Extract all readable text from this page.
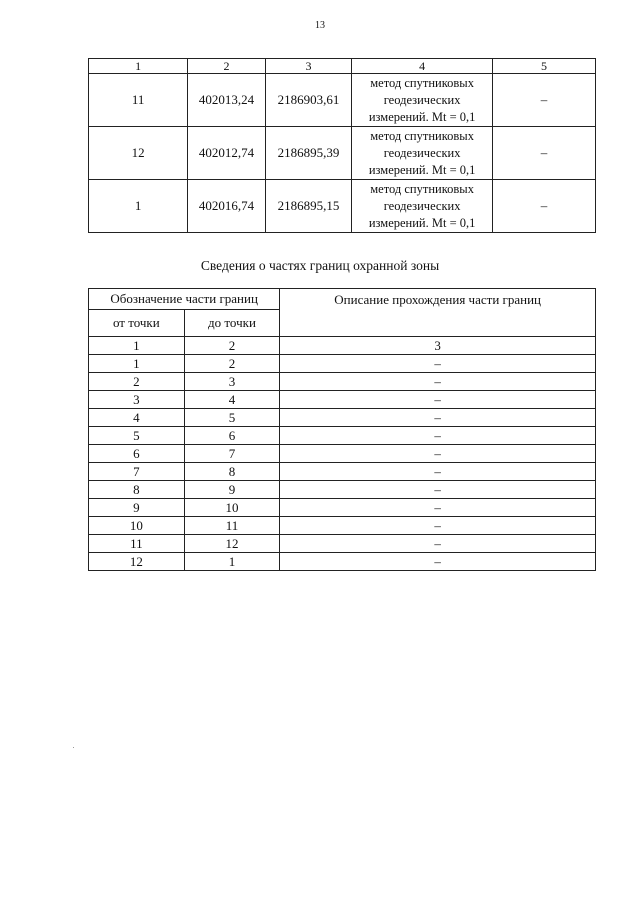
13
1	2	3	4	5
11	402013,24	2186903,61	метод спутниковых
геодезических
измерений. Mt = 0,1	–
12	402012,74	2186895,39	метод спутниковых
геодезических
измерений. Mt = 0,1	–
1	402016,74	2186895,15	метод спутниковых
геодезических
измерений. Mt = 0,1	–
Сведения о частях границ охранной зоны
Обозначение части границ		Описание прохождения части границ
от точки	до точки	
1	2	3
1	2	–
2	3	–
3	4	–
4	5	–
5	6	–
6	7	–
7	8	–
8	9	–
9	10	–
10	11	–
11	12	–
12	1	–
